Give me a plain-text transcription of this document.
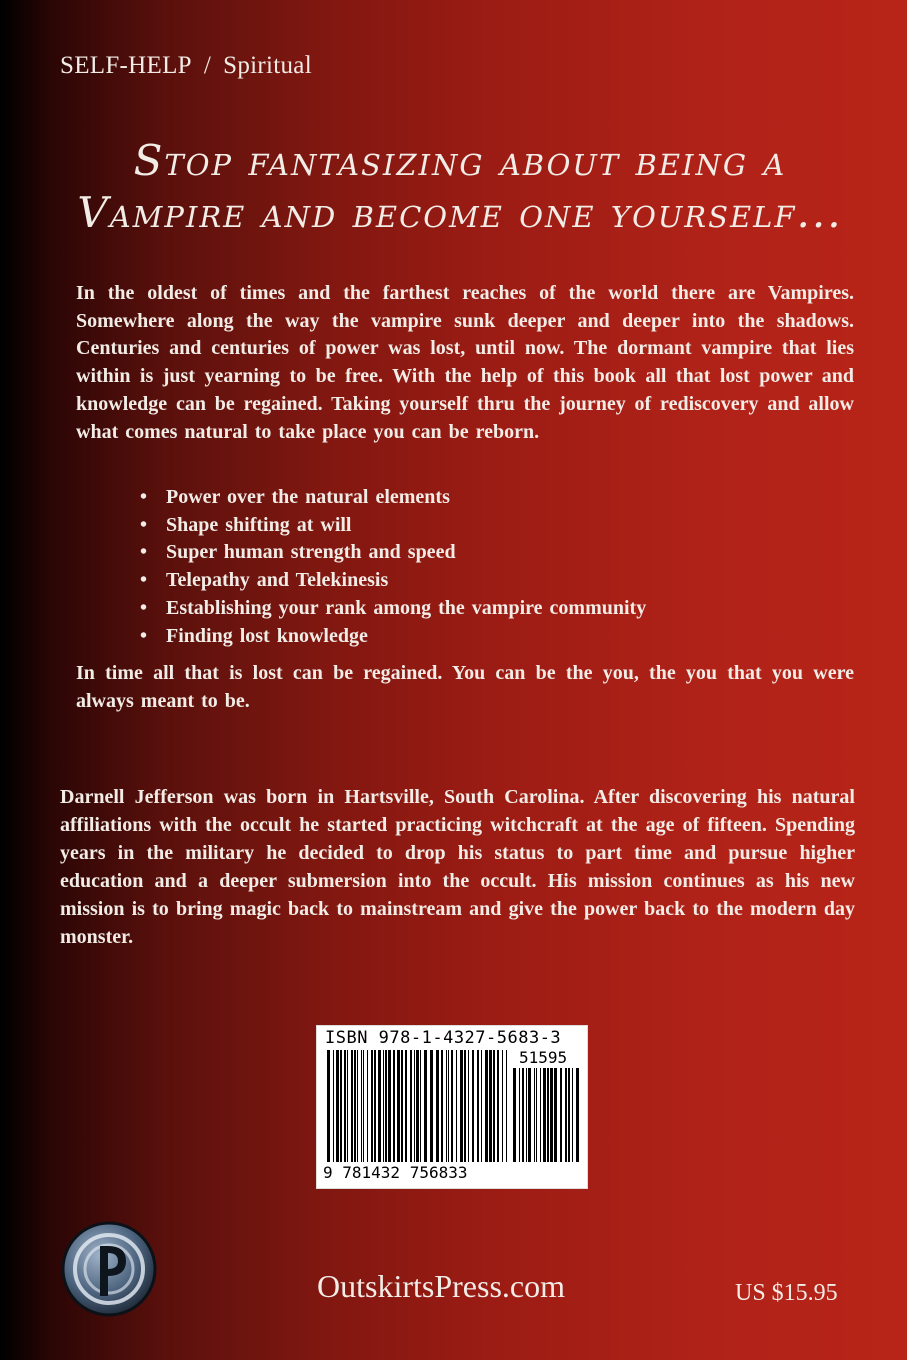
SELF-HELP / Spiritual
Stop fantasizing about being a Vampire and become one yourself...

In the oldest of times and the farthest reaches of the world there are Vampires. Somewhere along the way the vampire sunk deeper and deeper into the shadows. Centuries and centuries of power was lost, until now. The dormant vampire that lies within is just yearning to be free. With the help of this book all that lost power and knowledge can be regained. Taking yourself thru the journey of rediscovery and allow what comes natural to take place you can be reborn.

• Power over the natural elements
• Shape shifting at will
• Super human strength and speed
• Telepathy and Telekinesis
• Establishing your rank among the vampire community
• Finding lost knowledge

In time all that is lost can be regained. You can be the you, the you that you were always meant to be.

Darnell Jefferson was born in Hartsville, South Carolina. After discovering his natural affiliations with the occult he started practicing witchcraft at the age of fifteen. Spending years in the military he decided to drop his status to part time and pursue higher education and a deeper submersion into the occult. His mission continues as his new mission is to bring magic back to mainstream and give the power back to the modern day monster.

ISBN 978-1-4327-5683-3
51595
9 781432 756833
OutskirtsPress.com	US $15.95
